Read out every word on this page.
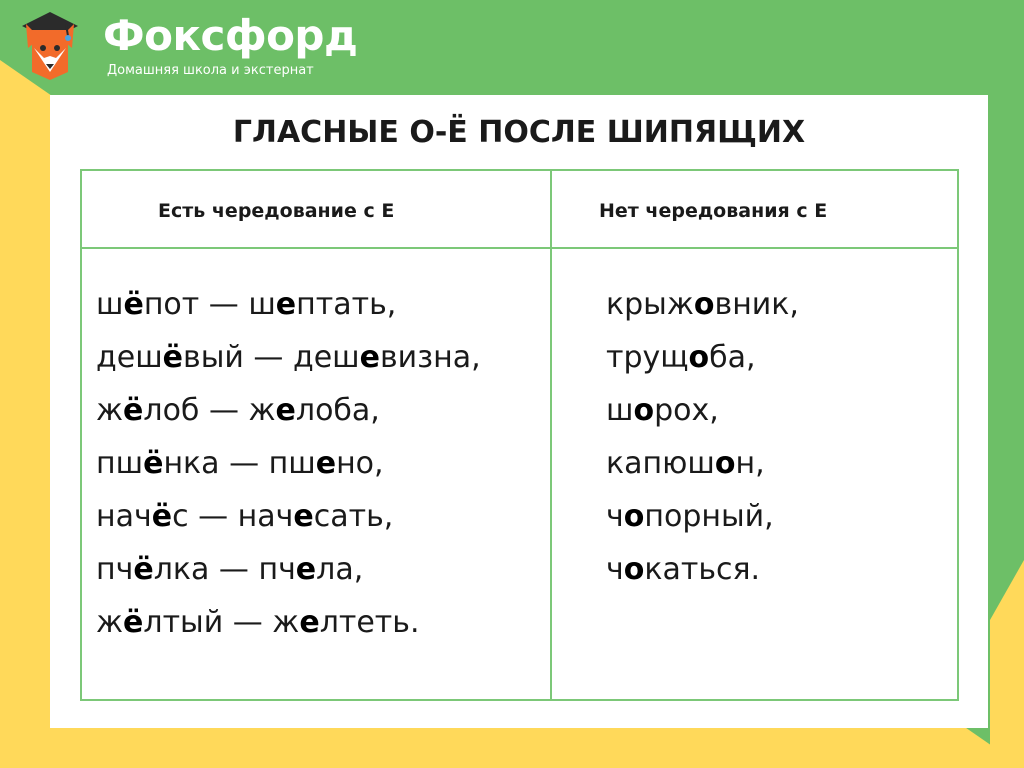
Фоксфорд
Домашняя школа и экстернат
ГЛАСНЫЕ О-Ё ПОСЛЕ ШИПЯЩИХ
Есть чередование с Е	Нет чередования с Е
шёпот — шептать,
дешёвый — дешевизна,
жёлоб — желоба,
пшёнка — пшено,
начёс — начесать,
пчёлка — пчела,
жёлтый — желтеть.
крыжовник,
трущоба,
шорох,
капюшон,
чопорный,
чокаться.
